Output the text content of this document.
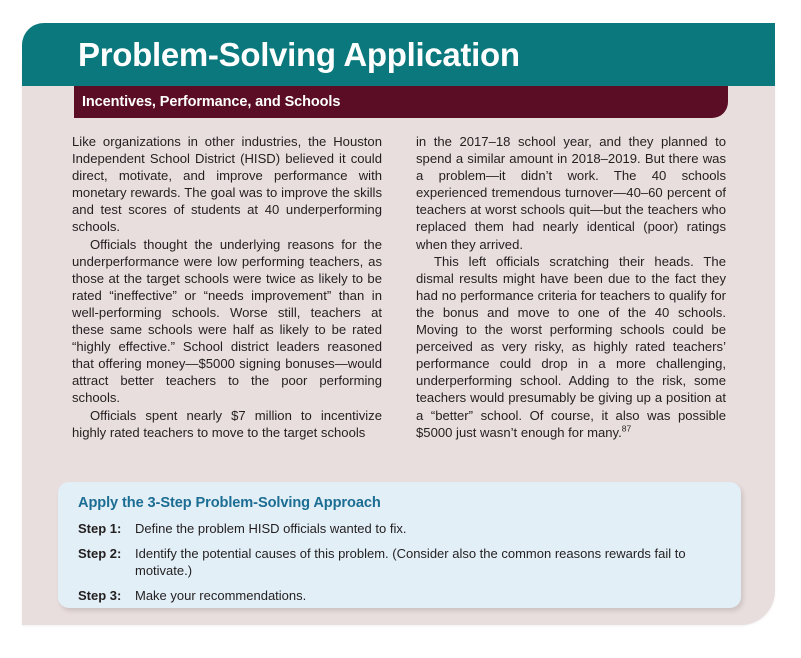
Problem-Solving Application
Incentives, Performance, and Schools

Like organizations in other industries, the Houston Independent School District (HISD) believed it could direct, motivate, and improve performance with monetary rewards. The goal was to improve the skills and test scores of students at 40 underperforming schools.

Officials thought the underlying reasons for the underperformance were low performing teachers, as those at the target schools were twice as likely to be rated “ineffective” or “needs improvement” than in well-performing schools. Worse still, teachers at these same schools were half as likely to be rated “highly effective.” School district leaders reasoned that offering money—$5000 signing bonuses—would attract better teachers to the poor performing schools.

Officials spent nearly $7 million to incentivize highly rated teachers to move to the target schools

in the 2017–18 school year, and they planned to spend a similar amount in 2018–2019. But there was a problem—it didn’t work. The 40 schools experienced tremendous turnover—40–60 percent of teachers at worst schools quit—but the teachers who replaced them had nearly identical (poor) ratings when they arrived.

This left officials scratching their heads. The dismal results might have been due to the fact they had no performance criteria for teachers to qualify for the bonus and move to one of the 40 schools. Moving to the worst performing schools could be perceived as very risky, as highly rated teachers’ performance could drop in a more challenging, underperforming school. Adding to the risk, some teachers would presumably be giving up a position at a “better” school. Of course, it also was possible $5000 just wasn’t enough for many.$^{87}$

Apply the 3-Step Problem-Solving Approach
Step 1:	Define the problem HISD officials wanted to fix.
Step 2:	Identify the potential causes of this problem. (Consider also the common reasons rewards fail to motivate.)
Step 3:	Make your recommendations.
